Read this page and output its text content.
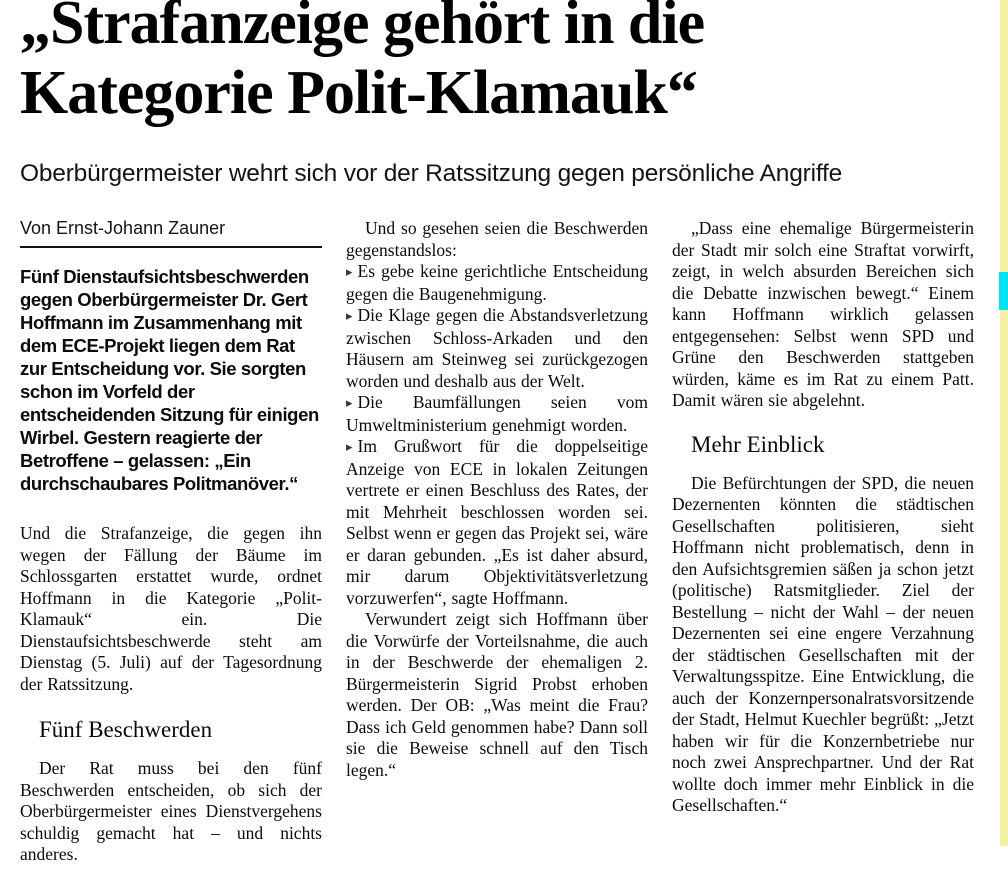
„Strafanzeige gehört in die
Kategorie Polit-Klamauk“
Oberbürgermeister wehrt sich vor der Ratssitzung gegen persönliche Angriffe
Von Ernst-Johann Zauner

Fünf Dienstaufsichtsbeschwerden gegen Oberbürgermeister Dr. Gert Hoffmann im Zusammenhang mit dem ECE-Projekt liegen dem Rat zur Entscheidung vor. Sie sorgten schon im Vorfeld der entscheidenden Sitzung für einigen Wirbel. Gestern reagierte der Betroffene – gelassen: „Ein durchschaubares Politmanöver.“

Und die Strafanzeige, die gegen ihn wegen der Fällung der Bäume im Schlossgarten erstattet wurde, ordnet Hoffmann in die Kategorie „Polit-Klamauk“ ein. Die Dienstaufsichtsbeschwerde steht am Dienstag (5. Juli) auf der Tagesordnung der Ratssitzung.

Fünf Beschwerden

Der Rat muss bei den fünf Beschwerden entscheiden, ob sich der Oberbürgermeister eines Dienstvergehens schuldig gemacht hat – und nichts anderes.

Und so gesehen seien die Beschwerden gegenstandslos:

▸ Es gebe keine gerichtliche Entscheidung gegen die Baugenehmigung.

▸ Die Klage gegen die Abstandsverletzung zwischen Schloss-Arkaden und den Häusern am Steinweg sei zurückgezogen worden und deshalb aus der Welt.

▸ Die Baumfällungen seien vom Umweltministerium genehmigt worden.

▸ Im Grußwort für die doppelseitige Anzeige von ECE in lokalen Zeitungen vertrete er einen Beschluss des Rates, der mit Mehrheit beschlossen worden sei. Selbst wenn er gegen das Projekt sei, wäre er daran gebunden. „Es ist daher absurd, mir darum Objektivitätsverletzung vorzuwerfen“, sagte Hoffmann.

Verwundert zeigt sich Hoffmann über die Vorwürfe der Vorteilsnahme, die auch in der Beschwerde der ehemaligen 2. Bürgermeisterin Sigrid Probst erhoben werden. Der OB: „Was meint die Frau? Dass ich Geld genommen habe? Dann soll sie die Beweise schnell auf den Tisch legen.“

„Dass eine ehemalige Bürgermeisterin der Stadt mir solch eine Straftat vorwirft, zeigt, in welch absurden Bereichen sich die Debatte inzwischen bewegt.“ Einem kann Hoffmann wirklich gelassen entgegensehen: Selbst wenn SPD und Grüne den Beschwerden stattgeben würden, käme es im Rat zu einem Patt. Damit wären sie abgelehnt.

Mehr Einblick

Die Befürchtungen der SPD, die neuen Dezernenten könnten die städtischen Gesellschaften politisieren, sieht Hoffmann nicht problematisch, denn in den Aufsichtsgremien säßen ja schon jetzt (politische) Ratsmitglieder. Ziel der Bestellung – nicht der Wahl – der neuen Dezernenten sei eine engere Verzahnung der städtischen Gesellschaften mit der Verwaltungsspitze. Eine Entwicklung, die auch der Konzernpersonalratsvorsitzende der Stadt, Helmut Kuechler begrüßt: „Jetzt haben wir für die Konzernbetriebe nur noch zwei Ansprechpartner. Und der Rat wollte doch immer mehr Einblick in die Gesellschaften.“
